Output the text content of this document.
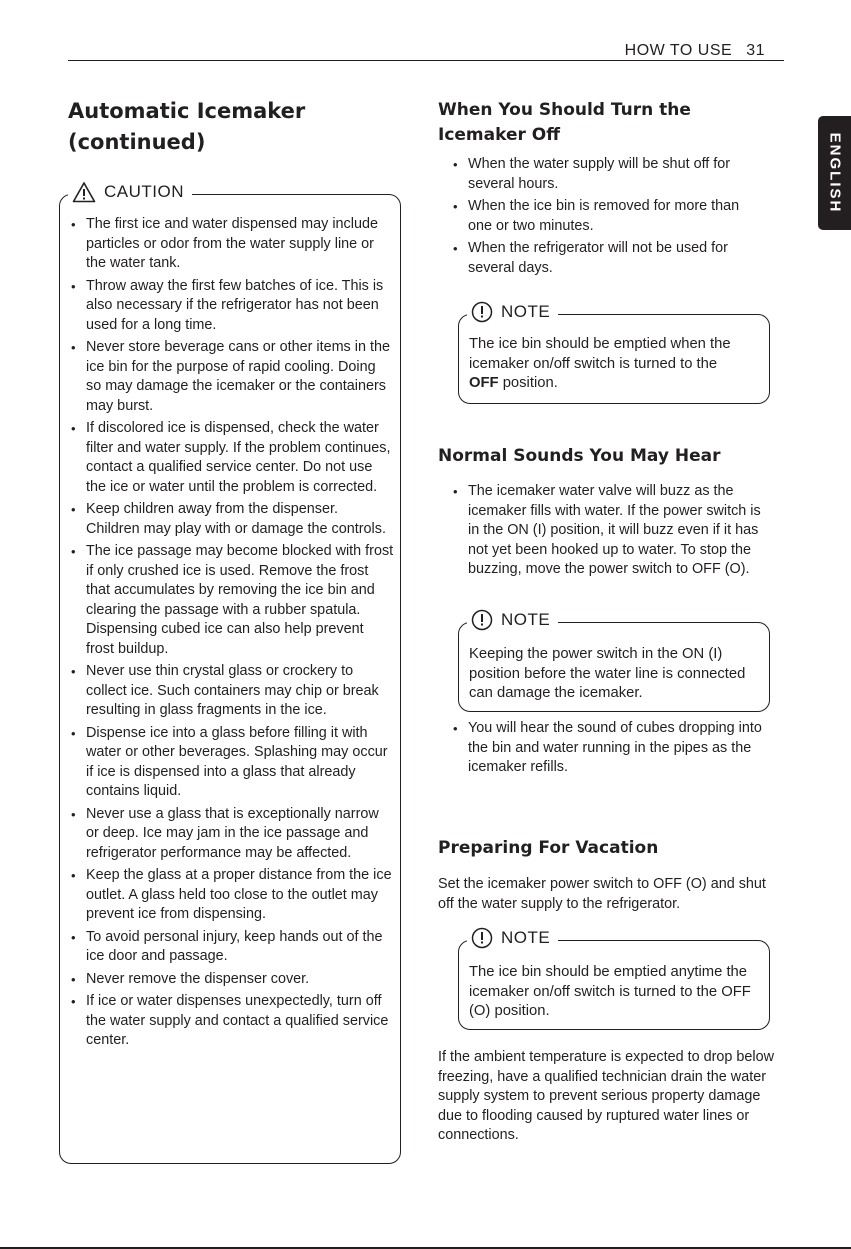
HOW TO USE 31
ENGLISH
Automatic Icemaker
(continued)
CAUTION
• The first ice and water dispensed may include particles or odor from the water supply line or the water tank.
• Throw away the first few batches of ice. This is also necessary if the refrigerator has not been used for a long time.
• Never store beverage cans or other items in the ice bin for the purpose of rapid cooling. Doing so may damage the icemaker or the containers may burst.
• If discolored ice is dispensed, check the water filter and water supply. If the problem continues, contact a qualified service center. Do not use the ice or water until the problem is corrected.
• Keep children away from the dispenser. Children may play with or damage the controls.
• The ice passage may become blocked with frost if only crushed ice is used. Remove the frost that accumulates by removing the ice bin and clearing the passage with a rubber spatula. Dispensing cubed ice can also help prevent frost buildup.
• Never use thin crystal glass or crockery to collect ice. Such containers may chip or break resulting in glass fragments in the ice.
• Dispense ice into a glass before filling it with water or other beverages. Splashing may occur if ice is dispensed into a glass that already contains liquid.
• Never use a glass that is exceptionally narrow or deep. Ice may jam in the ice passage and refrigerator performance may be affected.
• Keep the glass at a proper distance from the ice outlet. A glass held too close to the outlet may prevent ice from dispensing.
• To avoid personal injury, keep hands out of the ice door and passage.
• Never remove the dispenser cover.
• If ice or water dispenses unexpectedly, turn off the water supply and contact a qualified service center.
When You Should Turn the
Icemaker Off
• When the water supply will be shut off for several hours.
• When the ice bin is removed for more than one or two minutes.
• When the refrigerator will not be used for several days.
NOTE

The ice bin should be emptied when the icemaker on/off switch is turned to the
OFF position.

Normal Sounds You May Hear
• The icemaker water valve will buzz as the icemaker fills with water. If the power switch is in the ON (I) position, it will buzz even if it has not yet been hooked up to water. To stop the buzzing, move the power switch to OFF (O).
NOTE

Keeping the power switch in the ON (I) position before the water line is connected can damage the icemaker.

• You will hear the sound of cubes dropping into the bin and water running in the pipes as the icemaker refills.
Preparing For Vacation

Set the icemaker power switch to OFF (O) and shut off the water supply to the refrigerator.

NOTE

The ice bin should be emptied anytime the icemaker on/off switch is turned to the OFF (O) position.

If the ambient temperature is expected to drop below freezing, have a qualified technician drain the water supply system to prevent serious property damage due to flooding caused by ruptured water lines or connections.
